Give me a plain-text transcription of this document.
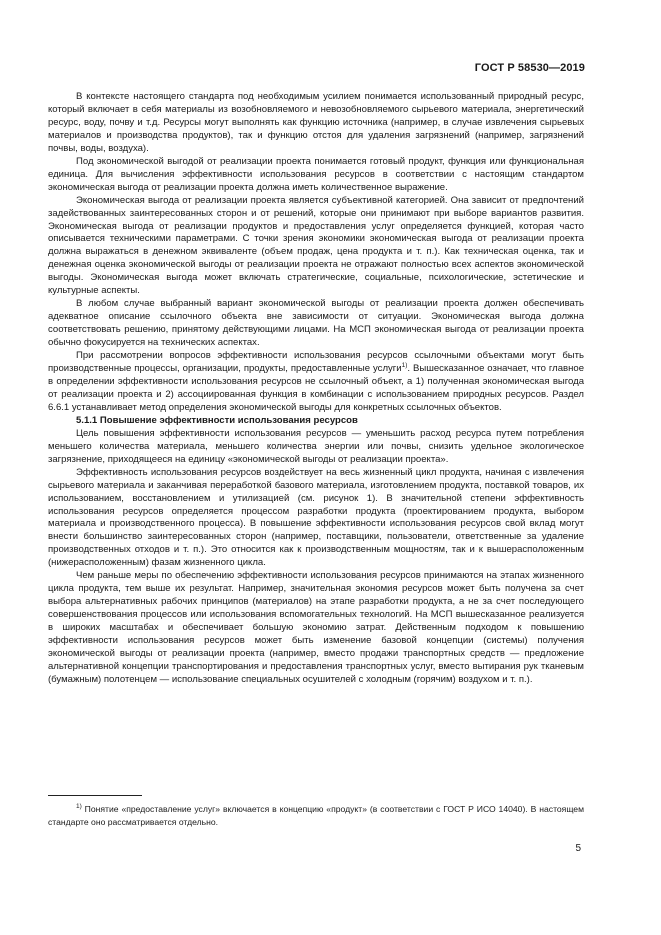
ГОСТ Р 58530—2019

В контексте настоящего стандарта под необходимым усилием понимается использованный природный ресурс, который включает в себя материалы из возобновляемого и невозобновляемого сырьевого материала, энергетический ресурс, воду, почву и т.д. Ресурсы могут выполнять как функцию источника (например, в случае извлечения сырьевых материалов и производства продуктов), так и функцию отстоя для удаления загрязнений (например, загрязнений почвы, воды, воздуха).

Под экономической выгодой от реализации проекта понимается готовый продукт, функция или функциональная единица. Для вычисления эффективности использования ресурсов в соответствии с настоящим стандартом экономическая выгода от реализации проекта должна иметь количественное выражение.

Экономическая выгода от реализации проекта является субъективной категорией. Она зависит от предпочтений задействованных заинтересованных сторон и от решений, которые они принимают при выборе вариантов развития. Экономическая выгода от реализации продуктов и предоставления услуг определяется функцией, которая часто описывается техническими параметрами. С точки зрения экономики экономическая выгода от реализации проекта должна выражаться в денежном эквиваленте (объем продаж, цена продукта и т. п.). Как техническая оценка, так и денежная оценка экономической выгоды от реализации проекта не отражают полностью всех аспектов экономической выгоды. Экономическая выгода может включать стратегические, социальные, психологические, эстетические и культурные аспекты.

В любом случае выбранный вариант экономической выгоды от реализации проекта должен обеспечивать адекватное описание ссылочного объекта вне зависимости от ситуации. Экономическая выгода должна соответствовать решению, принятому действующими лицами. На МСП экономическая выгода от реализации проекта обычно фокусируется на технических аспектах.

При рассмотрении вопросов эффективности использования ресурсов ссылочными объектами могут быть производственные процессы, организации, продукты, предоставленные услуги$^{1)}$. Вышесказанное означает, что главное в определении эффективности использования ресурсов не ссылочный объект, а 1) полученная экономическая выгода от реализации проекта и 2) ассоциированная функция в комбинации с использованием природных ресурсов. Раздел 6.6.1 устанавливает метод определения экономической выгоды для конкретных ссылочных объектов.

5.1.1 Повышение эффективности использования ресурсов

Цель повышения эффективности использования ресурсов — уменьшить расход ресурса путем потребления меньшего количества материала, меньшего количества энергии или почвы, снизить удельное экологическое загрязнение, приходящееся на единицу «экономической выгоды от реализации проекта».

Эффективность использования ресурсов воздействует на весь жизненный цикл продукта, начиная с извлечения сырьевого материала и заканчивая переработкой базового материала, изготовлением продукта, поставкой товаров, их использованием, восстановлением и утилизацией (см. рисунок 1). В значительной степени эффективность использования ресурсов определяется процессом разработки продукта (проектированием продукта, выбором материала и производственного процесса). В повышение эффективности использования ресурсов свой вклад могут внести большинство заинтересованных сторон (например, поставщики, пользователи, ответственные за удаление производственных отходов и т. п.). Это относится как к производственным мощностям, так и к вышерасположенным (нижерасположенным) фазам жизненного цикла.

Чем раньше меры по обеспечению эффективности использования ресурсов принимаются на этапах жизненного цикла продукта, тем выше их результат. Например, значительная экономия ресурсов может быть получена за счет выбора альтернативных рабочих принципов (материалов) на этапе разработки продукта, а не за счет последующего совершенствования процессов или использования вспомогательных технологий. На МСП вышесказанное реализуется в широких масштабах и обеспечивает большую экономию затрат. Действенным подходом к повышению эффективности использования ресурсов может быть изменение базовой концепции (системы) получения экономической выгоды от реализации проекта (например, вместо продажи транспортных средств — предложение альтернативной концепции транспортирования и предоставления транспортных услуг, вместо вытирания рук тканевым (бумажным) полотенцем — использование специальных осушителей с холодным (горячим) воздухом и т. п.).

$^{1)}$ Понятие «предоставление услуг» включается в концепцию «продукт» (в соответствии с ГОСТ Р ИСО 14040). В настоящем стандарте оно рассматривается отдельно.

5
